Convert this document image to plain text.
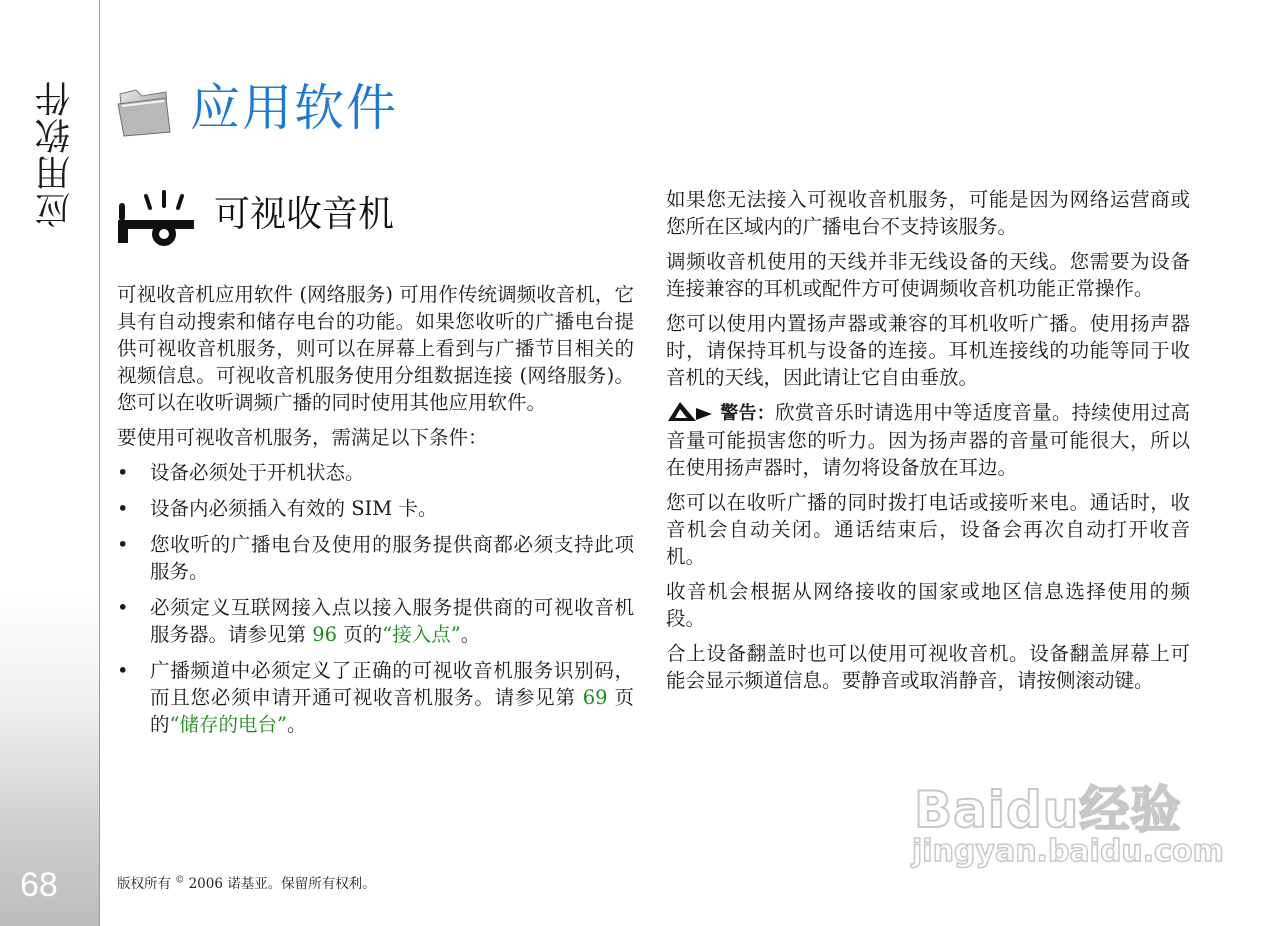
应用软件
68
应用软件
可视收音机

可视收音机应用软件 (网络服务) 可用作传统调频收音机，它具有自动搜索和储存电台的功能。如果您收听的广播电台提供可视收音机服务，则可以在屏幕上看到与广播节目相关的视频信息。可视收音机服务使用分组数据连接 (网络服务)。您可以在收听调频广播的同时使用其他应用软件。

要使用可视收音机服务，需满足以下条件：

• 设备必须处于开机状态。
• 设备内必须插入有效的 SIM 卡。
• 您收听的广播电台及使用的服务提供商都必须支持此项服务。
• 必须定义互联网接入点以接入服务提供商的可视收音机服务器。请参见第 96 页的“接入点”。
• 广播频道中必须定义了正确的可视收音机服务识别码，而且您必须申请开通可视收音机服务。请参见第 69 页的“储存的电台”。

如果您无法接入可视收音机服务，可能是因为网络运营商或您所在区域内的广播电台不支持该服务。

调频收音机使用的天线并非无线设备的天线。您需要为设备连接兼容的耳机或配件方可使调频收音机功能正常操作。

您可以使用内置扬声器或兼容的耳机收听广播。使用扬声器时，请保持耳机与设备的连接。耳机连接线的功能等同于收音机的天线，因此请让它自由垂放。

警告：欣赏音乐时请选用中等适度音量。持续使用过高音量可能损害您的听力。因为扬声器的音量可能很大，所以在使用扬声器时，请勿将设备放在耳边。

您可以在收听广播的同时拨打电话或接听来电。通话时，收音机会自动关闭。通话结束后，设备会再次自动打开收音机。

收音机会根据从网络接收的国家或地区信息选择使用的频段。

合上设备翻盖时也可以使用可视收音机。设备翻盖屏幕上可能会显示频道信息。要静音或取消静音，请按侧滚动键。

版权所有 © 2006 诺基亚。保留所有权利。
Baidu经验
jingyan.baidu.com
